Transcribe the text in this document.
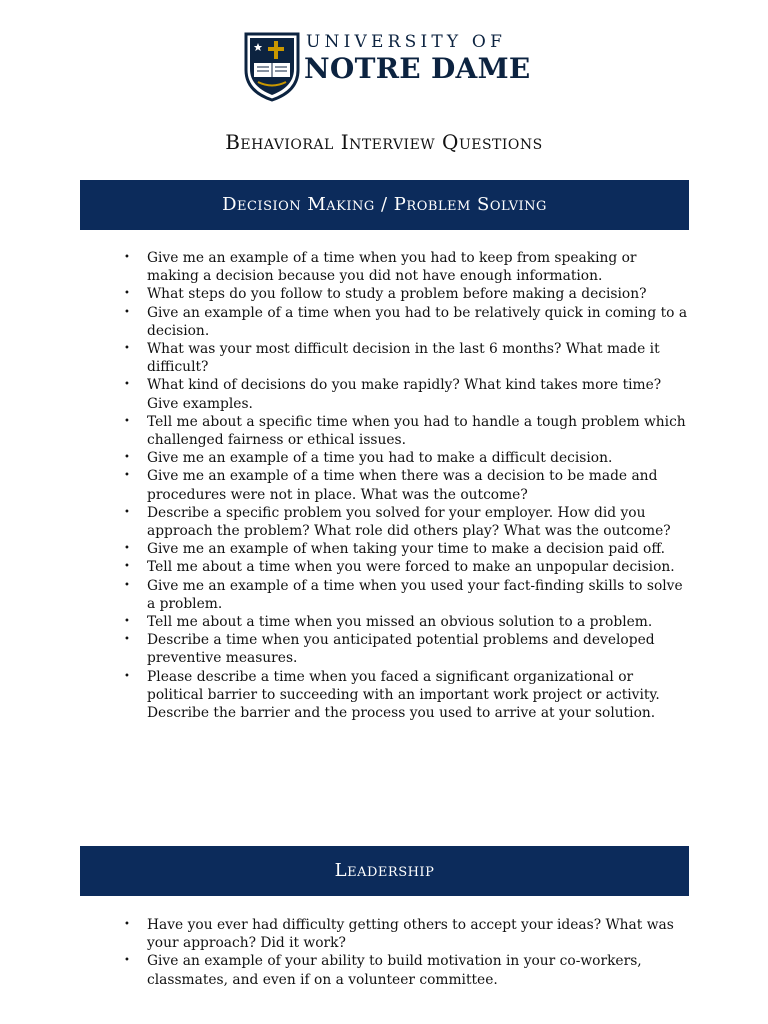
UNIVERSITY OF
NOTRE DAME
Behavioral Interview Questions
Decision Making / Problem Solving
• Give me an example of a time when you had to keep from speaking or making a decision because you did not have enough information.
• What steps do you follow to study a problem before making a decision?
• Give an example of a time when you had to be relatively quick in coming to a decision.
• What was your most difficult decision in the last 6 months? What made it difficult?
• What kind of decisions do you make rapidly? What kind takes more time? Give examples.
• Tell me about a specific time when you had to handle a tough problem which challenged fairness or ethical issues.
• Give me an example of a time you had to make a difficult decision.
• Give me an example of a time when there was a decision to be made and procedures were not in place. What was the outcome?
• Describe a specific problem you solved for your employer. How did you approach the problem? What role did others play? What was the outcome?
• Give me an example of when taking your time to make a decision paid off.
• Tell me about a time when you were forced to make an unpopular decision.
• Give me an example of a time when you used your fact-finding skills to solve a problem.
• Tell me about a time when you missed an obvious solution to a problem.
• Describe a time when you anticipated potential problems and developed preventive measures.
• Please describe a time when you faced a significant organizational or political barrier to succeeding with an important work project or activity. Describe the barrier and the process you used to arrive at your solution.
Leadership
• Have you ever had difficulty getting others to accept your ideas? What was your approach? Did it work?
• Give an example of your ability to build motivation in your co-workers, classmates, and even if on a volunteer committee.
